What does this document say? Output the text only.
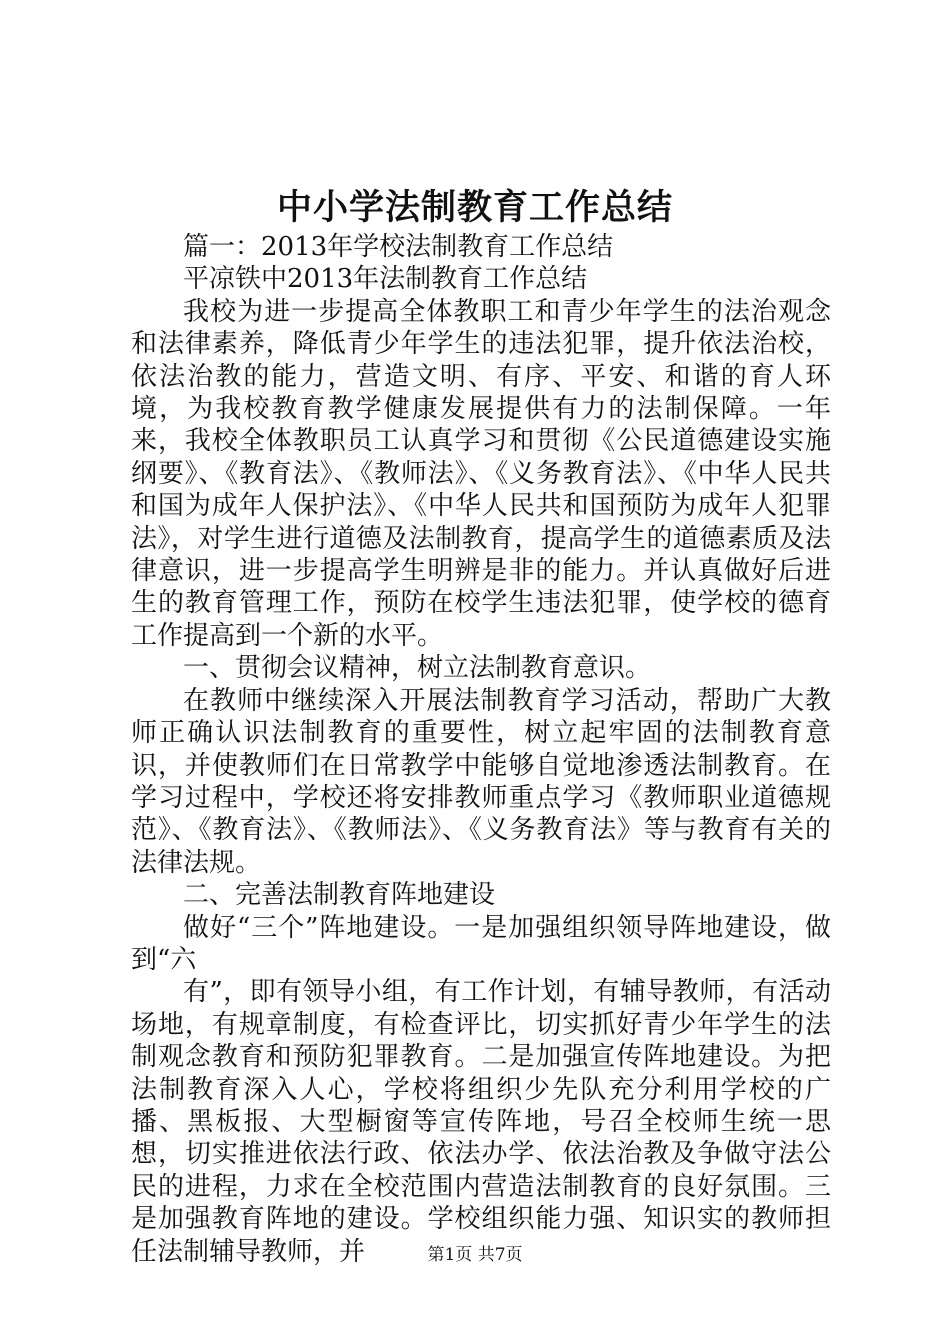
中小学法制教育工作总结

篇一：2013年学校法制教育工作总结

平凉铁中2013年法制教育工作总结

我校为进一步提高全体教职工和青少年学生的法治观念和法律素养，降低青少年学生的违法犯罪，提升依法治校，依法治教的能力，营造文明、有序、平安、和谐的育人环境，为我校教育教学健康发展提供有力的法制保障。一年来，我校全体教职员工认真学习和贯彻《公民道德建设实施纲要》、《教育法》、《教师法》、《义务教育法》、《中华人民共和国为成年人保护法》、《中华人民共和国预防为成年人犯罪法》，对学生进行道德及法制教育，提高学生的道德素质及法律意识，进一步提高学生明辨是非的能力。并认真做好后进生的教育管理工作，预防在校学生违法犯罪，使学校的德育工作提高到一个新的水平。

一、贯彻会议精神，树立法制教育意识。

在教师中继续深入开展法制教育学习活动，帮助广大教师正确认识法制教育的重要性，树立起牢固的法制教育意识，并使教师们在日常教学中能够自觉地渗透法制教育。在学习过程中，学校还将安排教师重点学习《教师职业道德规范》、《教育法》、《教师法》、《义务教育法》等与教育有关的法律法规。

二、完善法制教育阵地建设

做好“三个”阵地建设。一是加强组织领导阵地建设，做到“六

有”，即有领导小组，有工作计划，有辅导教师，有活动场地，有规章制度，有检查评比，切实抓好青少年学生的法制观念教育和预防犯罪教育。二是加强宣传阵地建设。为把法制教育深入人心，学校将组织少先队充分利用学校的广播、黑板报、大型橱窗等宣传阵地，号召全校师生统一思想，切实推进依法行政、依法办学、依法治教及争做守法公民的进程，力求在全校范围内营造法制教育的良好氛围。三是加强教育阵地的建设。学校组织能力强、知识实的教师担任法制辅导教师，并	第1页 共7页
